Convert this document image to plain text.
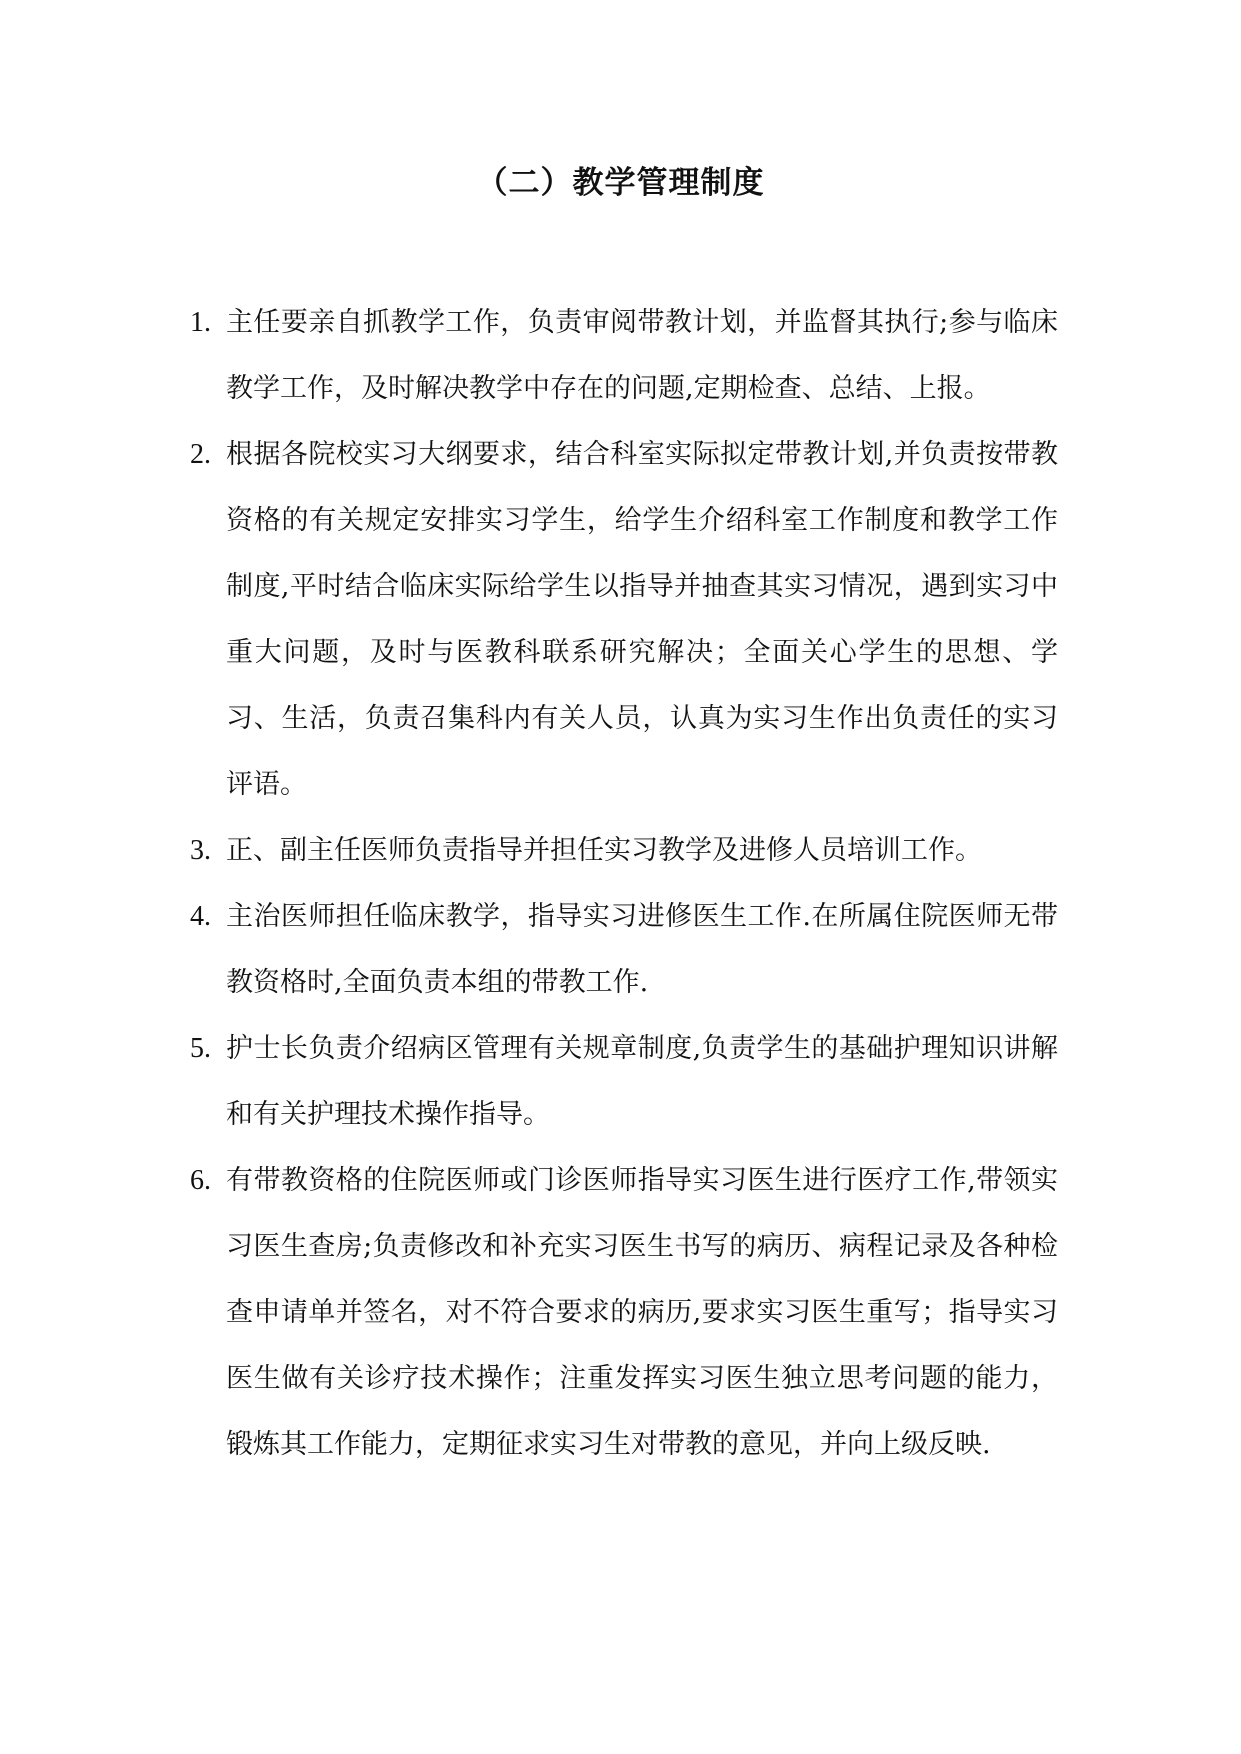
（二）教学管理制度
1. 主任要亲自抓教学工作，负责审阅带教计划，并监督其执行;参与临床教学工作，及时解决教学中存在的问题,定期检查、总结、上报。
2. 根据各院校实习大纲要求，结合科室实际拟定带教计划,并负责按带教资格的有关规定安排实习学生，给学生介绍科室工作制度和教学工作制度,平时结合临床实际给学生以指导并抽查其实习情况，遇到实习中重大问题，及时与医教科联系研究解决；全面关心学生的思想、学习、生活，负责召集科内有关人员，认真为实习生作出负责任的实习评语。
3. 正、副主任医师负责指导并担任实习教学及进修人员培训工作。
4. 主治医师担任临床教学，指导实习进修医生工作.在所属住院医师无带教资格时,全面负责本组的带教工作.
5. 护士长负责介绍病区管理有关规章制度,负责学生的基础护理知识讲解和有关护理技术操作指导。
6. 有带教资格的住院医师或门诊医师指导实习医生进行医疗工作,带领实习医生查房;负责修改和补充实习医生书写的病历、病程记录及各种检查申请单并签名，对不符合要求的病历,要求实习医生重写；指导实习医生做有关诊疗技术操作；注重发挥实习医生独立思考问题的能力，锻炼其工作能力，定期征求实习生对带教的意见，并向上级反映.
